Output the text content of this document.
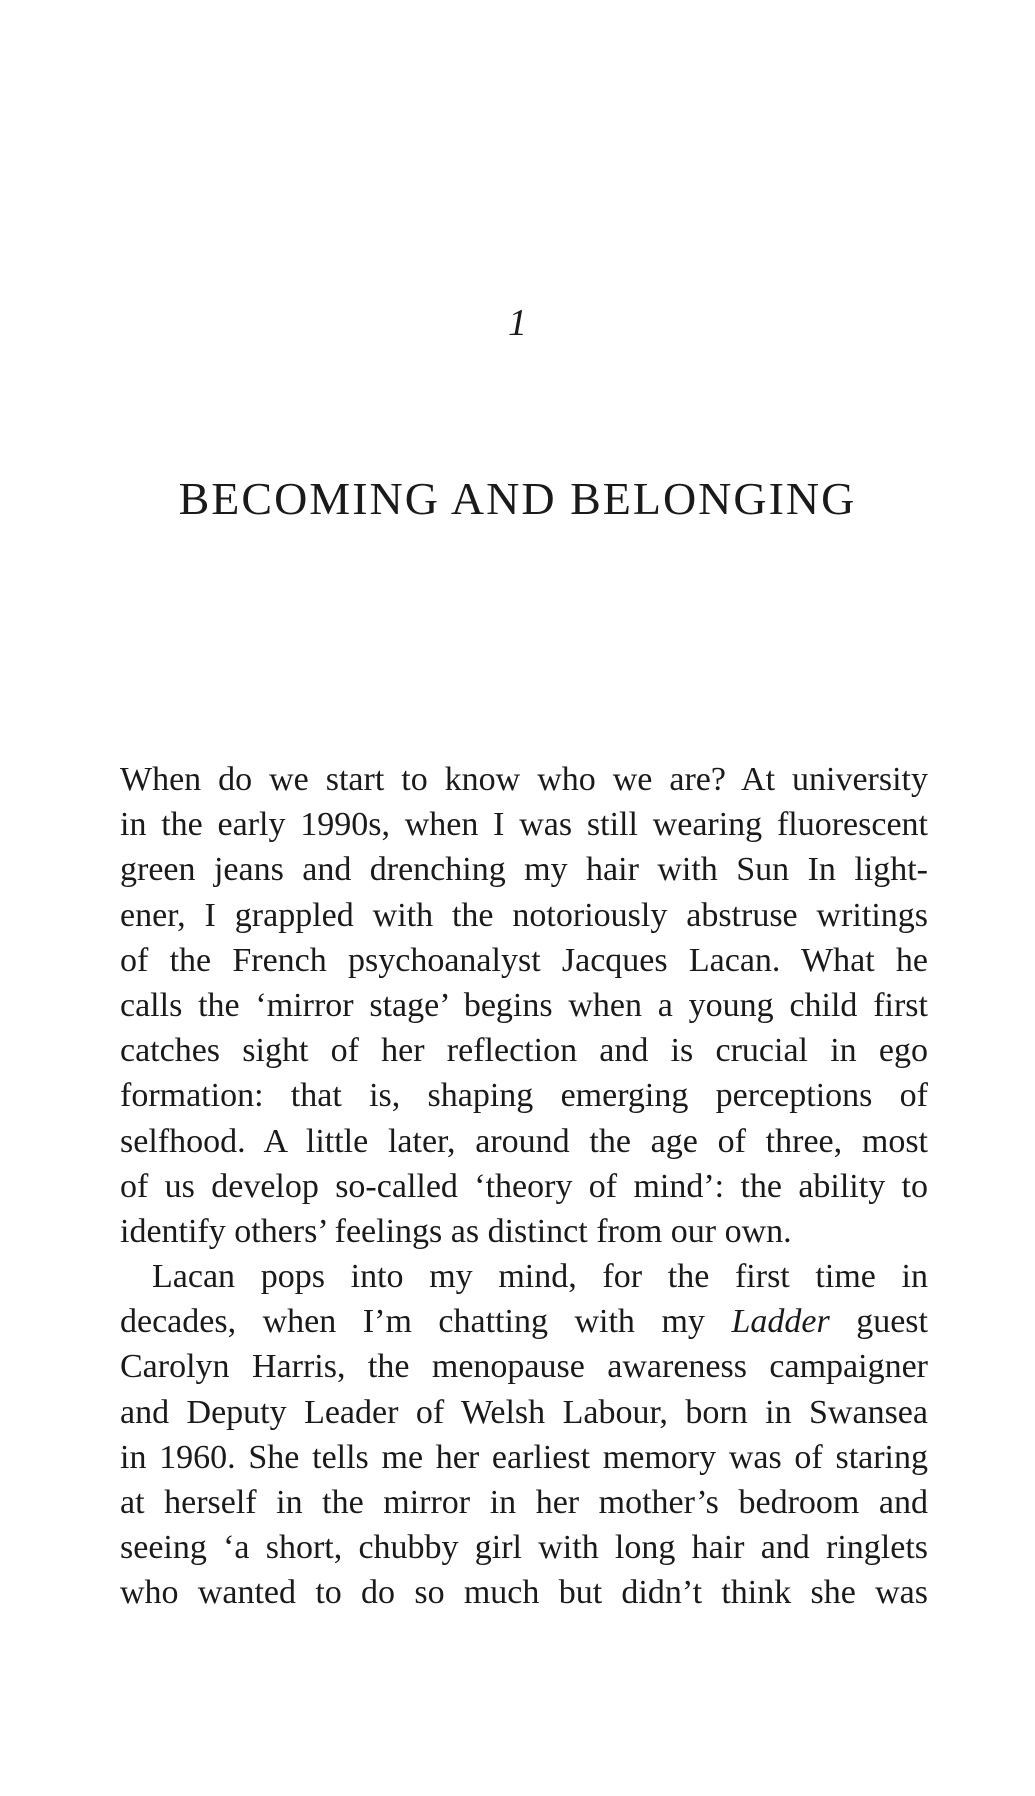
1
BECOMING AND BELONGING
When do we start to know who we are? At university
in the early 1990s, when I was still wearing fluorescent
green jeans and drenching my hair with Sun In light-
ener, I grappled with the notoriously abstruse writings
of the French psychoanalyst Jacques Lacan. What he
calls the ‘mirror stage’ begins when a young child first
catches sight of her reflection and is crucial in ego
formation: that is, shaping emerging perceptions of
selfhood. A little later, around the age of three, most
of us develop so-called ‘theory of mind’: the ability to
identify others’ feelings as distinct from our own.
Lacan pops into my mind, for the first time in
decades, when I’m chatting with my Ladder guest
Carolyn Harris, the menopause awareness campaigner
and Deputy Leader of Welsh Labour, born in Swansea
in 1960. She tells me her earliest memory was of staring
at herself in the mirror in her mother’s bedroom and
seeing ‘a short, chubby girl with long hair and ringlets
who wanted to do so much but didn’t think she was
